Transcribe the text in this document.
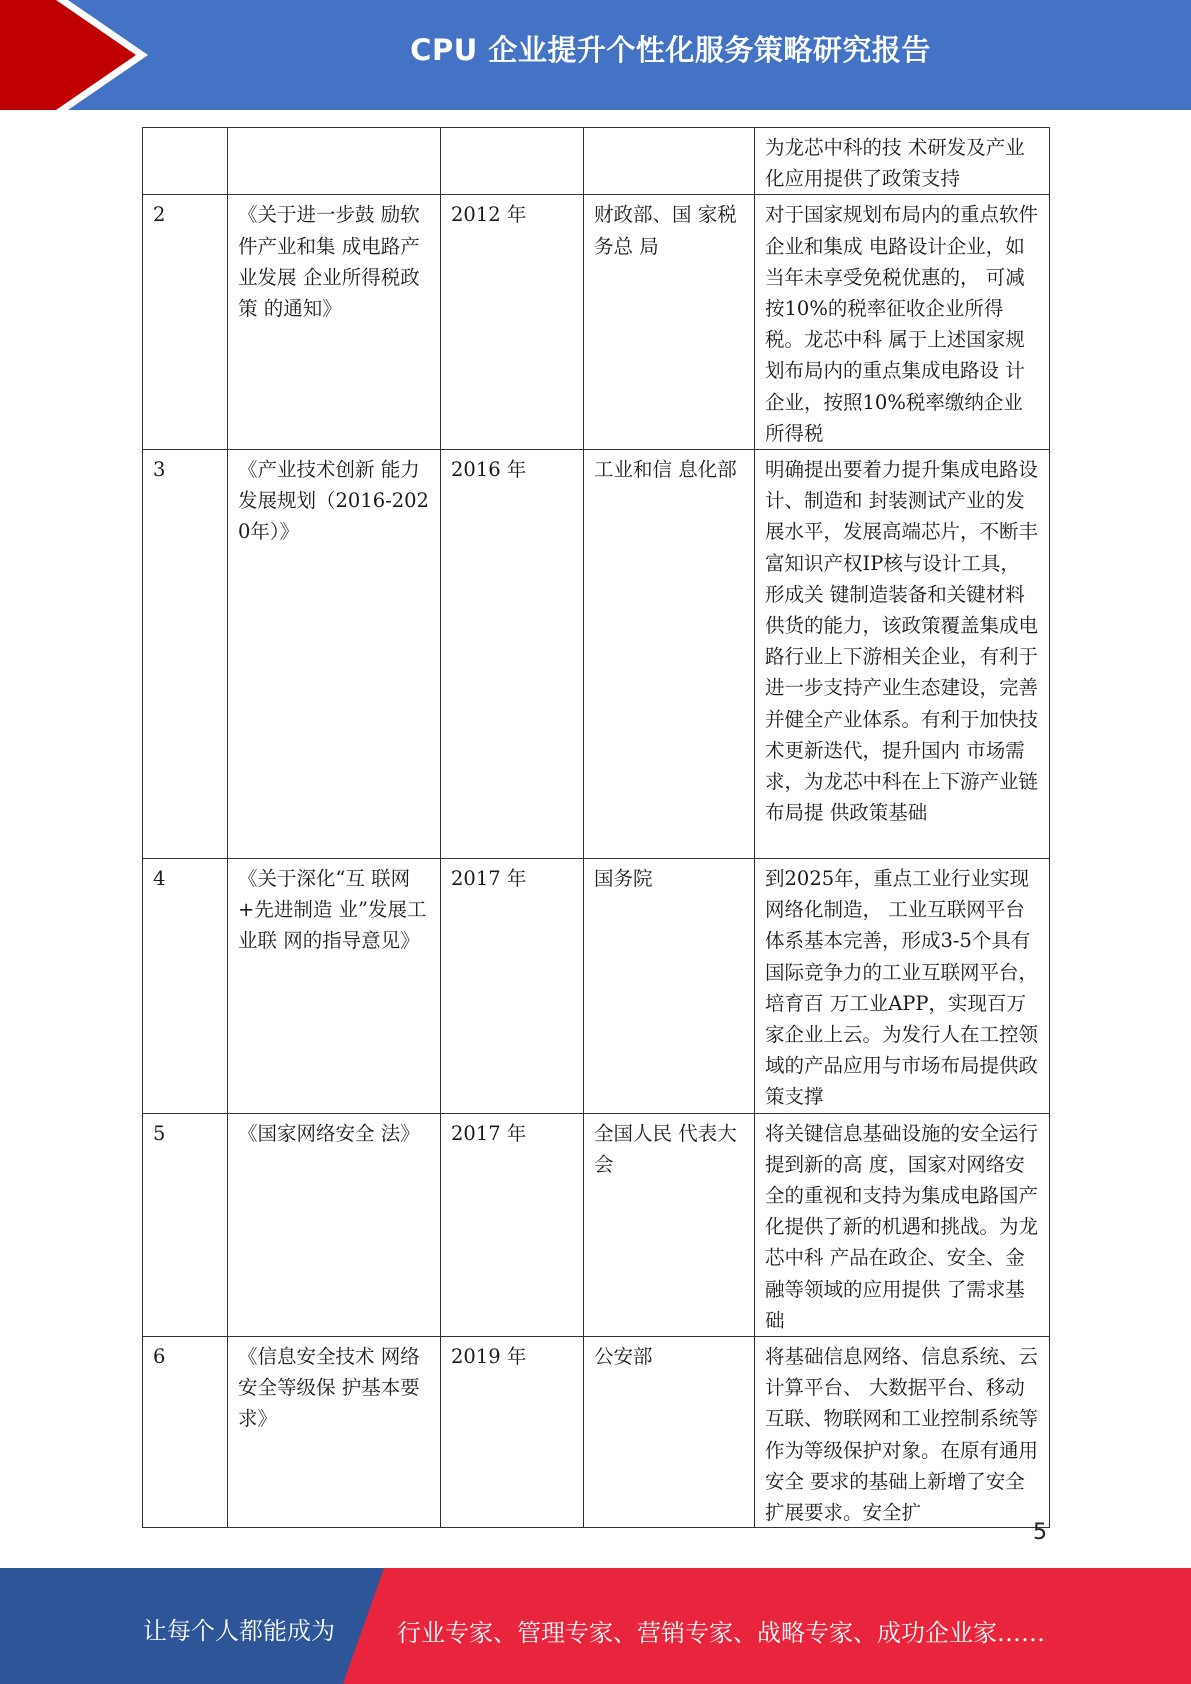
CPU 企业提升个性化服务策略研究报告
				为龙芯中科的技 术研发及产业化应用提供了政策支持
2	《关于进一步鼓 励软件产业和集 成电路产业发展 企业所得税政策 的通知》	2012 年	财政部、国 家税务总 局	对于国家规划布局内的重点软件企业和集成 电路设计企业，如当年未享受免税优惠的， 可减按10%的税率征收企业所得税。龙芯中科 属于上述国家规划布局内的重点集成电路设 计企业，按照10%税率缴纳企业所得税
3	《产业技术创新 能力发展规划（2016-2020年）》	2016 年	工业和信 息化部	明确提出要着力提升集成电路设计、制造和 封装测试产业的发展水平，发展高端芯片，不断丰富知识产权IP核与设计工具，形成关 键制造装备和关键材料供货的能力，该政策覆盖集成电路行业上下游相关企业，有利于 进一步支持产业生态建设，完善并健全产业体系。有利于加快技术更新迭代，提升国内 市场需求，为龙芯中科在上下游产业链布局提 供政策基础
4	《关于深化“互 联网+先进制造 业”发展工业联 网的指导意见》	2017 年	国务院	到2025年，重点工业行业实现网络化制造， 工业互联网平台体系基本完善，形成3-5个具有国际竞争力的工业互联网平台，培育百 万工业APP，实现百万家企业上云。为发行人在工控领域的产品应用与市场布局提供政 策支撑
5	《国家网络安全 法》	2017 年	全国人民 代表大会	将关键信息基础设施的安全运行提到新的高 度，国家对网络安全的重视和支持为集成电路国产化提供了新的机遇和挑战。为龙芯中科 产品在政企、安全、金融等领域的应用提供 了需求基础
6	《信息安全技术 网络安全等级保 护基本要求》	2019 年	公安部	将基础信息网络、信息系统、云计算平台、 大数据平台、移动互联、物联网和工业控制系统等作为等级保护对象。在原有通用安全 要求的基础上新增了安全扩展要求。安全扩
5
让每个人都能成为	行业专家、管理专家、营销专家、战略专家、成功企业家……
